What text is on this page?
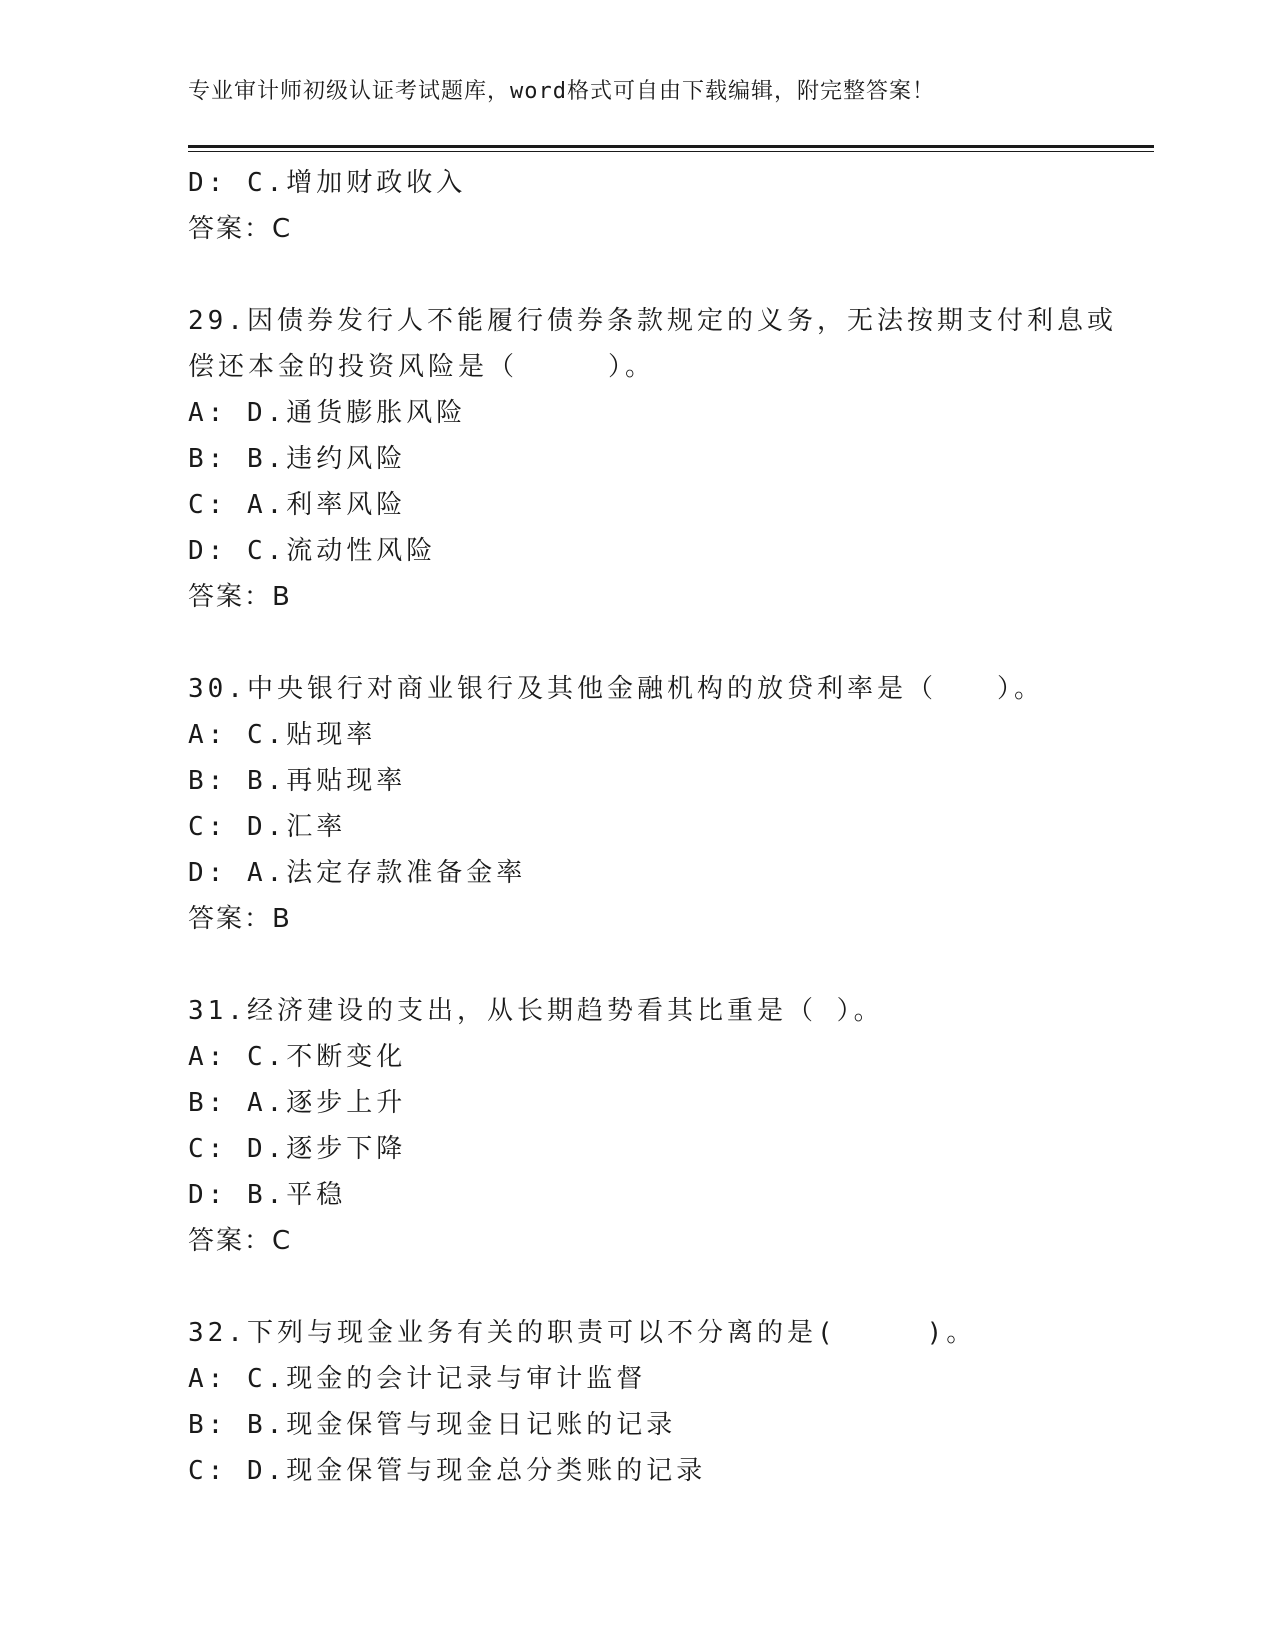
专业审计师初级认证考试题库，word格式可自由下载编辑，附完整答案！
D: C.增加财政收入
答案：C
29.因债券发行人不能履行债券条款规定的义务，无法按期支付利息或
偿还本金的投资风险是（　　　）。
A: D.通货膨胀风险
B: B.违约风险
C: A.利率风险
D: C.流动性风险
答案：B
30.中央银行对商业银行及其他金融机构的放贷利率是（　　）。
A: C.贴现率
B: B.再贴现率
C: D.汇率
D: A.法定存款准备金率
答案：B
31.经济建设的支出，从长期趋势看其比重是（ ）。
A: C.不断变化
B: A.逐步上升
C: D.逐步下降
D: B.平稳
答案：C
32.下列与现金业务有关的职责可以不分离的是(　　　)。
A: C.现金的会计记录与审计监督
B: B.现金保管与现金日记账的记录
C: D.现金保管与现金总分类账的记录
